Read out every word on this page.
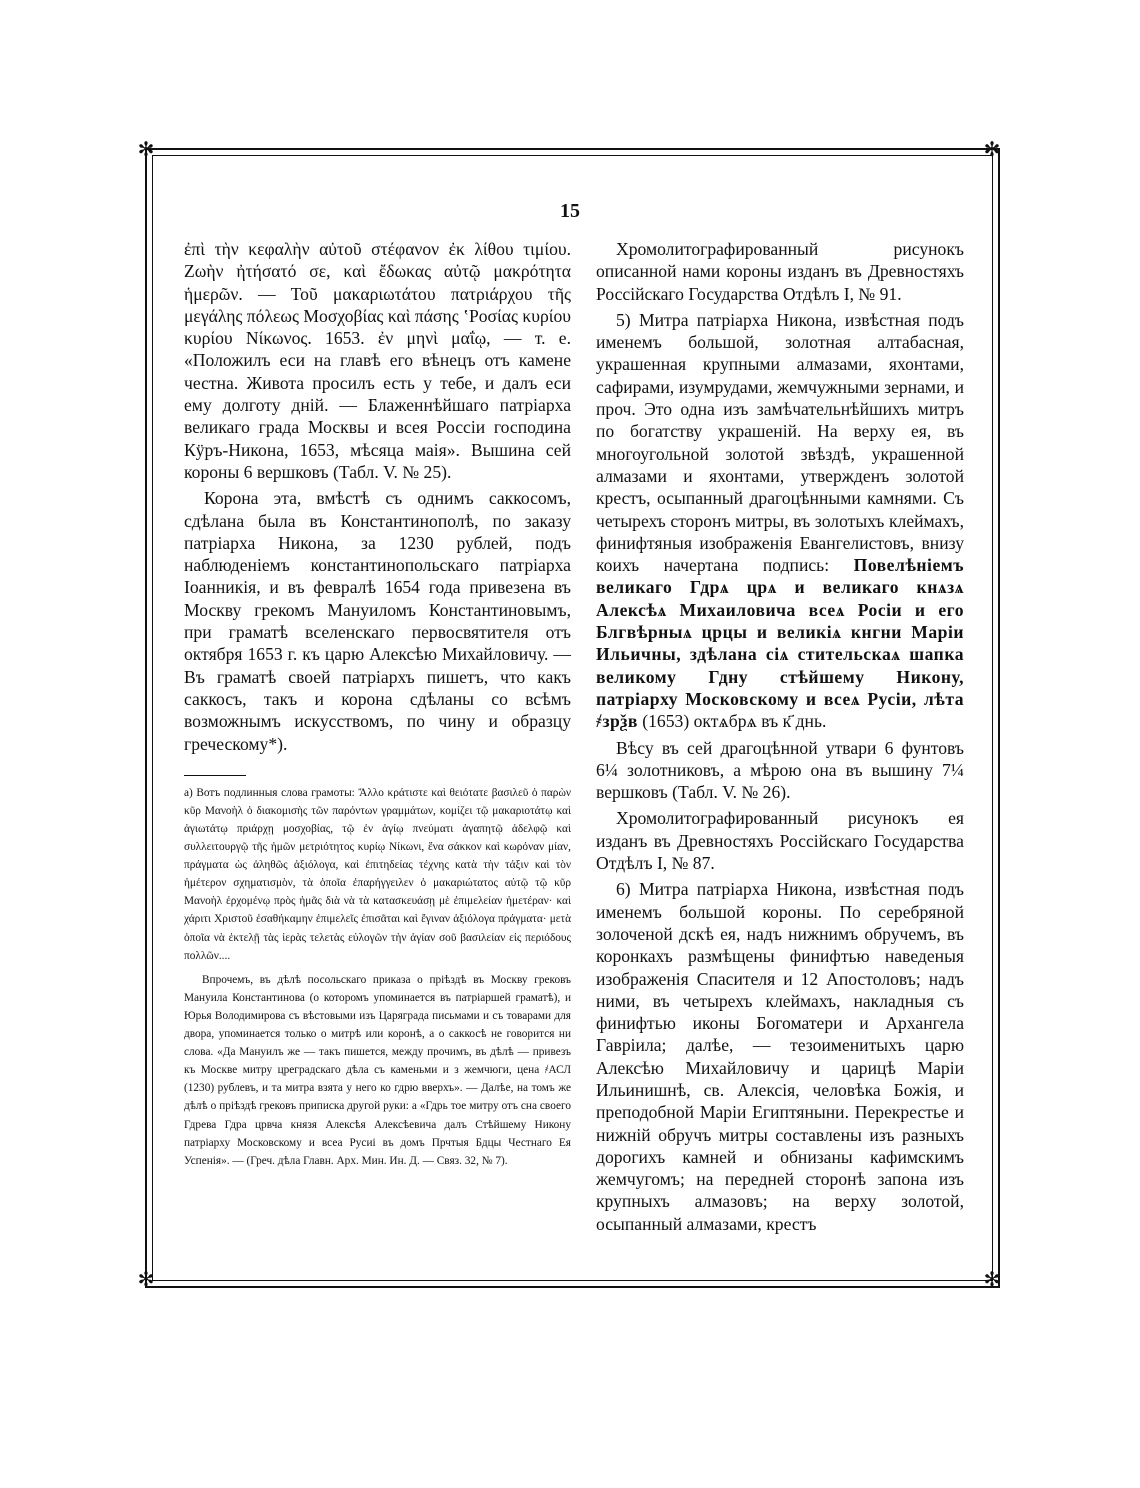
✻	✻
✻	✻
15

ἐπὶ τὴν κεφαλὴν αὐτοῦ στέφανον ἐκ λίθου τιμίου. Ζωὴν ἠτήσατό σε, καὶ ἔδωκας αὐτῷ μακρότητα ἡμερῶν. — Τοῦ μακαριωτάτου πατριάρχου τῆς μεγάλης πόλεως Μοσχοβίας καὶ πάσης ʽΡοσίας κυρίου κυρίου Νίκωνος. 1653. ἐν μηνὶ μαΐῳ, — т. е. «Положилъ еси на главѣ его вѣнецъ отъ камене честна. Живота просилъ есть у тебе, и далъ еси ему долготу дній. — Блаженнѣйшаго патріарха великаго града Москвы и всея Россіи господина Кӱръ-Никона, 1653, мѣсяца маія». Вышина сей короны 6 вершковъ (Табл. V. № 25).

Корона эта, вмѣстѣ съ однимъ саккосомъ, сдѣлана была въ Константинополѣ, по заказу патріарха Никона, за 1230 рублей, подъ наблюденіемъ константинопольскаго патріарха Іоанникія, и въ февралѣ 1654 года привезена въ Москву грекомъ Мануиломъ Константиновымъ, при граматѣ вселенскаго первосвятителя отъ октября 1653 г. къ царю Алексѣю Михайловичу. — Въ граматѣ своей патріархъ пишетъ, что какъ саккосъ, такъ и корона сдѣланы со всѣмъ возможнымъ искусствомъ, по чину и образцу греческому*).

а) Вотъ подлинныя слова грамоты: Ἄλλο κράτιστε καὶ θειότατε βασιλεῦ ὁ παρὼν κῦρ Μανοὴλ ὁ διακομισὴς τῶν παρόντων γραμμάτων, κομίζει τῷ μακαριοτάτῳ καὶ ἁγιωτάτῳ πριάρχῃ μοσχοβίας, τῷ ἐν ἁγίῳ πνεύματι ἀγαπητῷ ἀδελφῷ καὶ συλλειτουργῷ τῆς ἡμῶν μετριότητος κυρίῳ Νίκωνι, ἕνα σάκκον καὶ κωρόναν μίαν, πράγματα ὡς ἀληθῶς ἀξιόλογα, καὶ ἐπιτηδείας τέχνης κατὰ τὴν τάξιν καὶ τὸν ἡμέτερον σχηματισμὸν, τὰ ὁποῖα ἐπαρήγγειλεν ὁ μακαριώτατος αὐτῷ τῷ κῦρ Μανοὴλ ἐρχομένῳ πρὸς ἡμᾶς διὰ νὰ τὰ κατασκευάσῃ μὲ ἐπιμελείαν ἡμετέραν· καὶ χάριτι Χριστοῦ ἐσαθήκαμην ἐπιμελεῖς ἐπισᾶται καὶ ἔγιναν ἀξιόλογα πράγματα· μετὰ ὁποῖα νὰ ἐκτελῇ τὰς ἱερὰς τελετὰς εὐλογῶν τὴν ἁγίαν σοῦ βασιλείαν εἰς περιόδους πολλῶν....

Впрочемъ, въ дѣлѣ посольскаго приказа о пріѣздѣ въ Москву грековъ Мануила Константинова (о которомъ упоминается въ патріаршей граматѣ), и Юрья Володимирова съ вѣстовыми изъ Царяграда письмами и съ товарами для двора, упоминается только о митрѣ или коронѣ, а о саккосѣ не говорится ни слова. «Да Мануилъ же — такъ пишется, между прочимъ, въ дѣлѣ — привезъ къ Москве митру цреградскаго дѣла съ каменьми и з жемчюги, цена ҂АСЛ (1230) рублевъ, и та митра взята у него ко гдрю вверхъ». — Далѣе, на томъ же дѣлѣ о пріѣздѣ грековъ приписка другой руки: а «Гдрь тое митру отъ сна своего Гдрева Гдра црвча князя Алексѣя Алексѣевича далъ Стѣйшему Никону патріарху Московскому и всеа Русиі въ домъ Прчтыя Бдцы Честнаго Ея Успенія». — (Греч. дѣла Главн. Арх. Мин. Ин. Д. — Связ. 32, № 7).

Хромолитографированный рисунокъ описанной нами короны изданъ въ Древностяхъ Россійскаго Государства Отдѣлъ I, № 91.

5) Митра патріарха Никона, извѣстная подъ именемъ большой, золотная алтабасная, украшенная крупными алмазами, яхонтами, сафирами, изумрудами, жемчужными зернами, и проч. Это одна изъ замѣчательнѣйшихъ митръ по богатству украшеній. На верху ея, въ многоугольной золотой звѣздѣ, украшенной алмазами и яхонтами, утвержденъ золотой крестъ, осыпанный драгоцѣнными камнями. Съ четырехъ сторонъ митры, въ золотыхъ клеймахъ, финифтяныя изображенія Евангелистовъ, внизу коихъ начертана подпись: Повелѣніемъ великаго Гдрѧ црѧ и великаго кнѧзѧ Алексѣѧ Михаиловича всеѧ Росіи и его Блгвѣрныѧ црцы и великіѧ кнгни Маріи Ильичны, здѣлана сіѧ стительскаѧ шапка великому Гдну стѣйшему Никону, патріарху Московскому и всеѧ Русіи, лѣта ҂зрѯв (1653) октѧбрѧ въ к҃ днь.

Вѣсу въ сей драгоцѣнной утвари 6 фунтовъ 6¼ золотниковъ, а мѣрою она въ вышину 7¼ вершковъ (Табл. V. № 26).

Хромолитографированный рисунокъ ея изданъ въ Древностяхъ Россійскаго Государства Отдѣлъ I, № 87.

6) Митра патріарха Никона, извѣстная подъ именемъ большой короны. По серебряной золоченой дскѣ ея, надъ нижнимъ обручемъ, въ коронкахъ размѣщены финифтью наведеныя изображенія Спасителя и 12 Апостоловъ; надъ ними, въ четырехъ клеймахъ, накладныя съ финифтью иконы Богоматери и Архангела Гавріила; далѣе, — тезоименитыхъ царю Алексѣю Михайловичу и царицѣ Маріи Ильинишнѣ, св. Алексія, человѣка Божія, и преподобной Маріи Египтяныни. Перекрестье и нижній обручъ митры составлены изъ разныхъ дорогихъ камней и обнизаны кафимскимъ жемчугомъ; на передней сторонѣ запона изъ крупныхъ алмазовъ; на верху золотой, осыпанный алмазами, крестъ
